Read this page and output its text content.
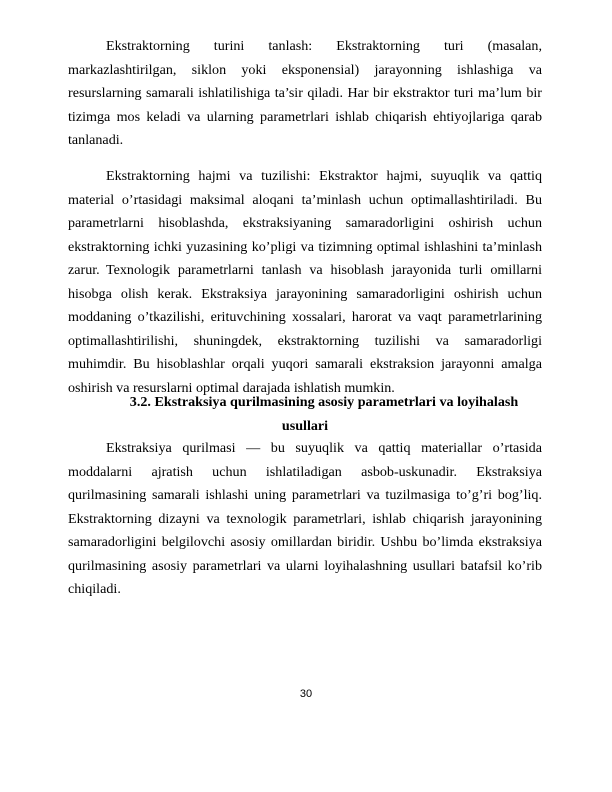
Ekstraktorning turini tanlash: Ekstraktorning turi (masalan, markazlashtirilgan, siklon yoki eksponensial) jarayonning ishlashiga va resurslarning samarali ishlatilishiga ta’sir qiladi. Har bir ekstraktor turi ma’lum bir tizimga mos keladi va ularning parametrlari ishlab chiqarish ehtiyojlariga qarab tanlanadi.

Ekstraktorning hajmi va tuzilishi: Ekstraktor hajmi, suyuqlik va qattiq material o’rtasidagi maksimal aloqani ta’minlash uchun optimallashtiriladi. Bu parametrlarni hisoblashda, ekstraksiyaning samaradorligini oshirish uchun ekstraktorning ichki yuzasining ko’pligi va tizimning optimal ishlashini ta’minlash zarur. Texnologik parametrlarni tanlash va hisoblash jarayonida turli omillarni hisobga olish kerak. Ekstraksiya jarayonining samaradorligini oshirish uchun moddaning o’tkazilishi, erituvchining xossalari, harorat va vaqt parametrlarining optimallashtirilishi, shuningdek, ekstraktorning tuzilishi va samaradorligi muhimdir. Bu hisoblashlar orqali yuqori samarali ekstraksion jarayonni amalga oshirish va resurslarni optimal darajada ishlatish mumkin.

3.2. Ekstraksiya qurilmasining asosiy parametrlari va loyihalash
usullari

Ekstraksiya qurilmasi — bu suyuqlik va qattiq materiallar o’rtasida moddalarni ajratish uchun ishlatiladigan asbob-uskunadir. Ekstraksiya qurilmasining samarali ishlashi uning parametrlari va tuzilmasiga to’g’ri bog’liq. Ekstraktorning dizayni va texnologik parametrlari, ishlab chiqarish jarayonining samaradorligini belgilovchi asosiy omillardan biridir. Ushbu bo’limda ekstraksiya qurilmasining asosiy parametrlari va ularni loyihalashning usullari batafsil ko’rib chiqiladi.

30
